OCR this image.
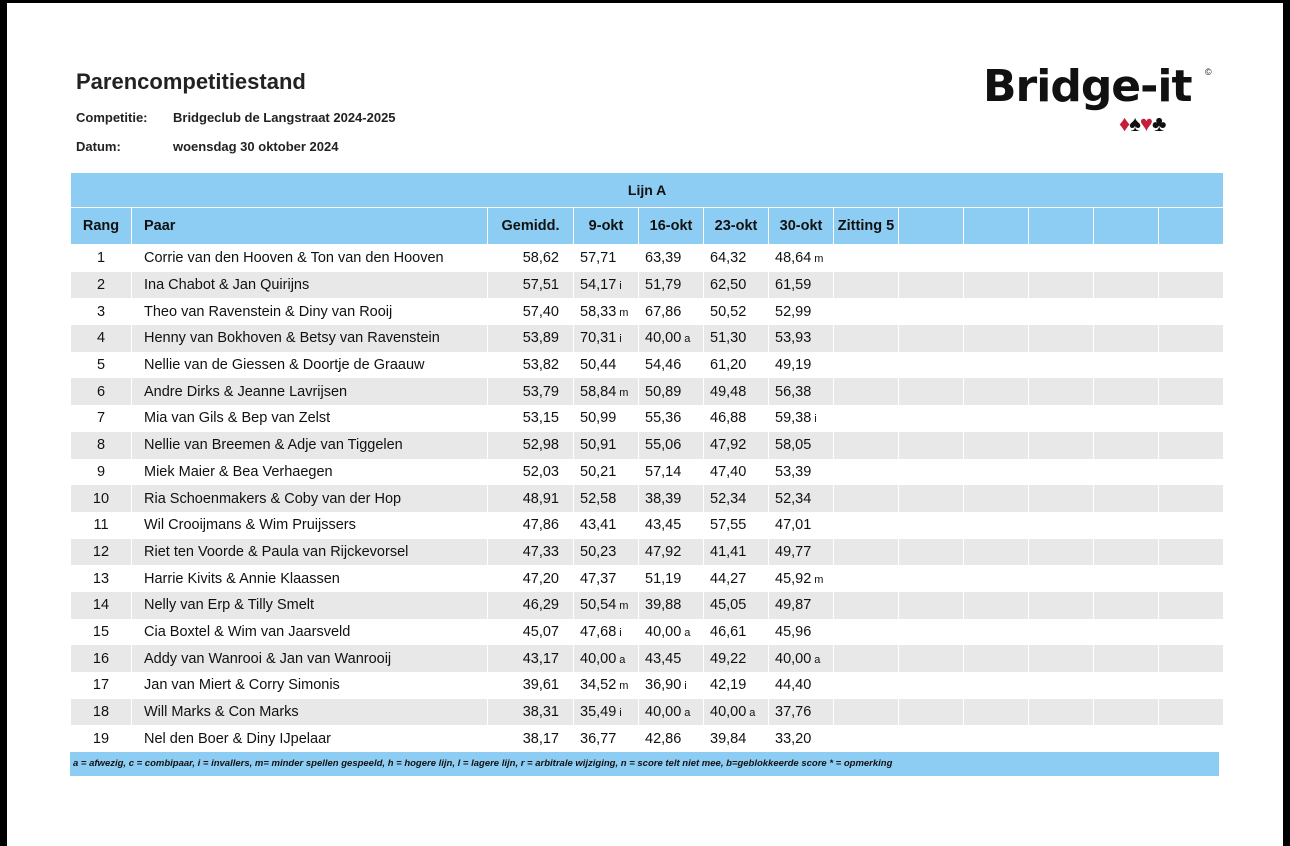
Parencompetitiestand
Competitie: Bridgeclub de Langstraat 2024-2025
Datum:	woensdag 30 oktober 2024
Bridge-it ©
♦♠♥♣
Lijn A												
Rang	Paar	Gemidd.	9-okt	16-okt	23-okt	30-okt	Zitting 5					
1	Corrie van den Hooven & Ton van den Hooven	58,62	57,71	63,39	64,32	48,64 m						
2	Ina Chabot & Jan Quirijns	57,51	54,17 i	51,79	62,50	61,59						
3	Theo van Ravenstein & Diny van Rooij	57,40	58,33 m	67,86	50,52	52,99						
4	Henny van Bokhoven & Betsy van Ravenstein	53,89	70,31 i	40,00 a	51,30	53,93						
5	Nellie van de Giessen & Doortje de Graauw	53,82	50,44	54,46	61,20	49,19						
6	Andre Dirks & Jeanne Lavrijsen	53,79	58,84 m	50,89	49,48	56,38						
7	Mia van Gils & Bep van Zelst	53,15	50,99	55,36	46,88	59,38 i						
8	Nellie van Breemen & Adje van Tiggelen	52,98	50,91	55,06	47,92	58,05						
9	Miek Maier & Bea Verhaegen	52,03	50,21	57,14	47,40	53,39						
10	Ria Schoenmakers & Coby van der Hop	48,91	52,58	38,39	52,34	52,34						
11	Wil Crooijmans & Wim Pruijssers	47,86	43,41	43,45	57,55	47,01						
12	Riet ten Voorde & Paula van Rijckevorsel	47,33	50,23	47,92	41,41	49,77						
13	Harrie Kivits & Annie Klaassen	47,20	47,37	51,19	44,27	45,92 m						
14	Nelly van Erp & Tilly Smelt	46,29	50,54 m	39,88	45,05	49,87						
15	Cia Boxtel & Wim van Jaarsveld	45,07	47,68 i	40,00 a	46,61	45,96						
16	Addy van Wanrooi & Jan van Wanrooij	43,17	40,00 a	43,45	49,22	40,00 a						
17	Jan van Miert & Corry Simonis	39,61	34,52 m	36,90 i	42,19	44,40						
18	Will Marks & Con Marks	38,31	35,49 i	40,00 a	40,00 a	37,76						
19	Nel den Boer & Diny IJpelaar	38,17	36,77	42,86	39,84	33,20						
a = afwezig, c = combipaar, i = invallers, m= minder spellen gespeeld, h = hogere lijn, l = lagere lijn, r = arbitrale wijziging, n = score telt niet mee, b=geblokkeerde score * = opmerking
